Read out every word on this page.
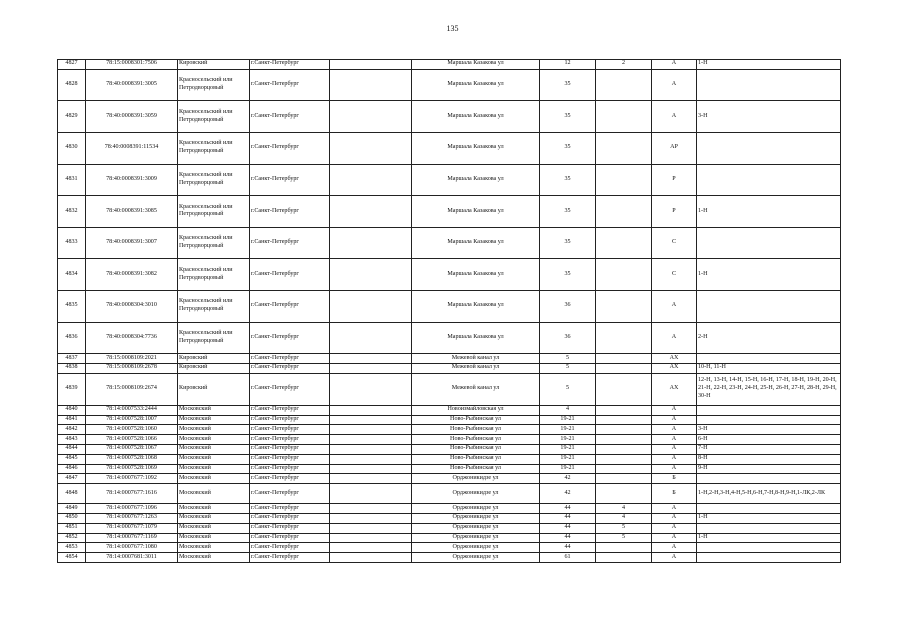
135
4827	78:15:0008301:7506	Кировский	г.Санкт-Петербург		Маршала Казакова ул	12	2	А	1-Н
4828	78:40:0008391:3005	Красносельский или Петродворцовый	г.Санкт-Петербург		Маршала Казакова ул	35		А	
4829	78:40:0008391:3059	Красносельский или Петродворцовый	г.Санкт-Петербург		Маршала Казакова ул	35		А	3-Н
4830	78:40:0008391:11534	Красносельский или Петродворцовый	г.Санкт-Петербург		Маршала Казакова ул	35		АР	
4831	78:40:0008391:3009	Красносельский или Петродворцовый	г.Санкт-Петербург		Маршала Казакова ул	35		Р	
4832	78:40:0008391:3085	Красносельский или Петродворцовый	г.Санкт-Петербург		Маршала Казакова ул	35		Р	1-Н
4833	78:40:0008391:3007	Красносельский или Петродворцовый	г.Санкт-Петербург		Маршала Казакова ул	35		С	
4834	78:40:0008391:3082	Красносельский или Петродворцовый	г.Санкт-Петербург		Маршала Казакова ул	35		С	1-Н
4835	78:40:0008304:3010	Красносельский или Петродворцовый	г.Санкт-Петербург		Маршала Казакова ул	36		А	
4836	78:40:0008304:7736	Красносельский или Петродворцовый	г.Санкт-Петербург		Маршала Казакова ул	36		А	2-Н
4837	78:15:0008109:2021	Кировский	г.Санкт-Петербург		Межевой канал ул	5		АХ	
4838	78:15:0008109:2678	Кировский	г.Санкт-Петербург		Межевой канал ул	5		АХ	10-Н, 11-Н
4839	78:15:0008109:2674	Кировский	г.Санкт-Петербург		Межевой канал ул	5		АХ	12-Н, 13-Н, 14-Н, 15-Н, 16-Н, 17-Н, 18-Н, 19-Н, 20-Н, 21-Н, 22-Н, 23-Н, 24-Н, 25-Н, 26-Н, 27-Н, 28-Н, 29-Н, 30-Н
4840	78:14:0007533:2444	Московский	г.Санкт-Петербург		Новоизмайловская ул	4		А	
4841	78:14:0007528:1007	Московский	г.Санкт-Петербург		Ново-Рыбинская ул	19-21		А	
4842	78:14:0007528:1060	Московский	г.Санкт-Петербург		Ново-Рыбинская ул	19-21		А	3-Н
4843	78:14:0007528:1066	Московский	г.Санкт-Петербург		Ново-Рыбинская ул	19-21		А	6-Н
4844	78:14:0007528:1067	Московский	г.Санкт-Петербург		Ново-Рыбинская ул	19-21		А	7-Н
4845	78:14:0007528:1068	Московский	г.Санкт-Петербург		Ново-Рыбинская ул	19-21		А	8-Н
4846	78:14:0007528:1069	Московский	г.Санкт-Петербург		Ново-Рыбинская ул	19-21		А	9-Н
4847	78:14:0007677:1092	Московский	г.Санкт-Петербург		Орджоникидзе ул	42		Б	
4848	78:14:0007677:1616	Московский	г.Санкт-Петербург		Орджоникидзе ул	42		Б	1-Н,2-Н,3-Н,4-Н,5-Н,6-Н,7-Н,8-Н,9-Н,1-ЛК,2-ЛК
4849	78:14:0007677:1096	Московский	г.Санкт-Петербург		Орджоникидзе ул	44	4	А	
4850	78:14:0007677:1263	Московский	г.Санкт-Петербург		Орджоникидзе ул	44	4	А	1-Н
4851	78:14:0007677:1079	Московский	г.Санкт-Петербург		Орджоникидзе ул	44	5	А	
4852	78:14:0007677:1169	Московский	г.Санкт-Петербург		Орджоникидзе ул	44	5	А	1-Н
4853	78:14:0007677:1080	Московский	г.Санкт-Петербург		Орджоникидзе ул	44		А	
4854	78:14:0007681:3011	Московский	г.Санкт-Петербург		Орджоникидзе ул	61		А	
